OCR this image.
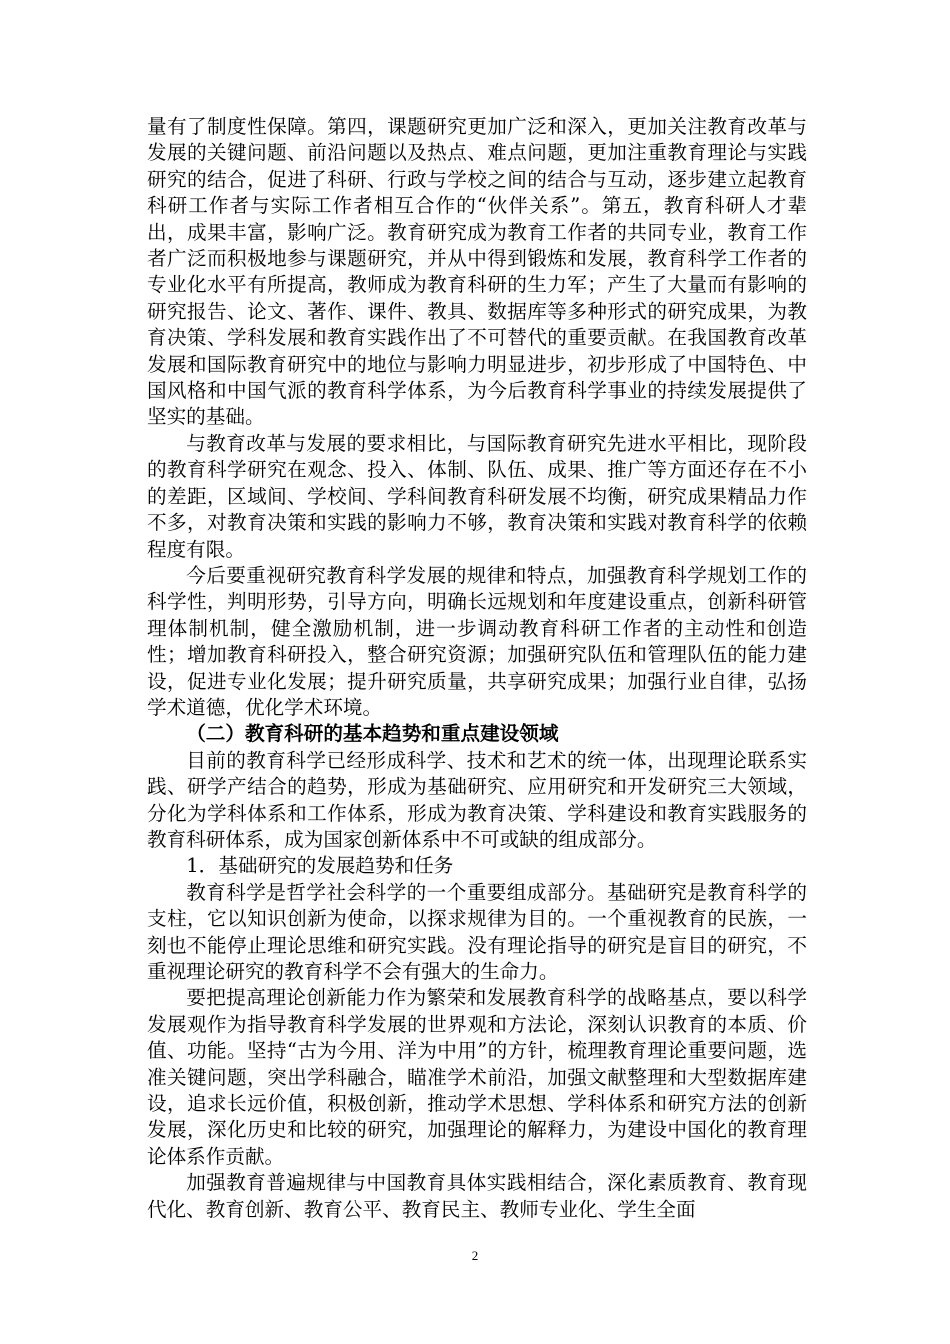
量有了制度性保障。第四，课题研究更加广泛和深入，更加关注教育改革与发展的关键问题、前沿问题以及热点、难点问题，更加注重教育理论与实践研究的结合，促进了科研、行政与学校之间的结合与互动，逐步建立起教育科研工作者与实际工作者相互合作的“伙伴关系”。第五，教育科研人才辈出，成果丰富，影响广泛。教育研究成为教育工作者的共同专业，教育工作者广泛而积极地参与课题研究，并从中得到锻炼和发展，教育科学工作者的专业化水平有所提高，教师成为教育科研的生力军；产生了大量而有影响的研究报告、论文、著作、课件、教具、数据库等多种形式的研究成果，为教育决策、学科发展和教育实践作出了不可替代的重要贡献。在我国教育改革发展和国际教育研究中的地位与影响力明显进步，初步形成了中国特色、中国风格和中国气派的教育科学体系，为今后教育科学事业的持续发展提供了坚实的基础。

与教育改革与发展的要求相比，与国际教育研究先进水平相比，现阶段的教育科学研究在观念、投入、体制、队伍、成果、推广等方面还存在不小的差距，区域间、学校间、学科间教育科研发展不均衡，研究成果精品力作不多，对教育决策和实践的影响力不够，教育决策和实践对教育科学的依赖程度有限。

今后要重视研究教育科学发展的规律和特点，加强教育科学规划工作的科学性，判明形势，引导方向，明确长远规划和年度建设重点，创新科研管理体制机制，健全激励机制，进一步调动教育科研工作者的主动性和创造性；增加教育科研投入，整合研究资源；加强研究队伍和管理队伍的能力建设，促进专业化发展；提升研究质量，共享研究成果；加强行业自律，弘扬学术道德，优化学术环境。

（二）教育科研的基本趋势和重点建设领域

目前的教育科学已经形成科学、技术和艺术的统一体，出现理论联系实践、研学产结合的趋势，形成为基础研究、应用研究和开发研究三大领域，分化为学科体系和工作体系，形成为教育决策、学科建设和教育实践服务的教育科研体系，成为国家创新体系中不可或缺的组成部分。

1．基础研究的发展趋势和任务

教育科学是哲学社会科学的一个重要组成部分。基础研究是教育科学的支柱，它以知识创新为使命，以探求规律为目的。一个重视教育的民族，一刻也不能停止理论思维和研究实践。没有理论指导的研究是盲目的研究，不重视理论研究的教育科学不会有强大的生命力。

要把提高理论创新能力作为繁荣和发展教育科学的战略基点，要以科学发展观作为指导教育科学发展的世界观和方法论，深刻认识教育的本质、价值、功能。坚持“古为今用、洋为中用”的方针，梳理教育理论重要问题，选准关键问题，突出学科融合，瞄准学术前沿，加强文献整理和大型数据库建设，追求长远价值，积极创新，推动学术思想、学科体系和研究方法的创新发展，深化历史和比较的研究，加强理论的解释力，为建设中国化的教育理论体系作贡献。

加强教育普遍规律与中国教育具体实践相结合，深化素质教育、教育现代化、教育创新、教育公平、教育民主、教师专业化、学生全面

2
